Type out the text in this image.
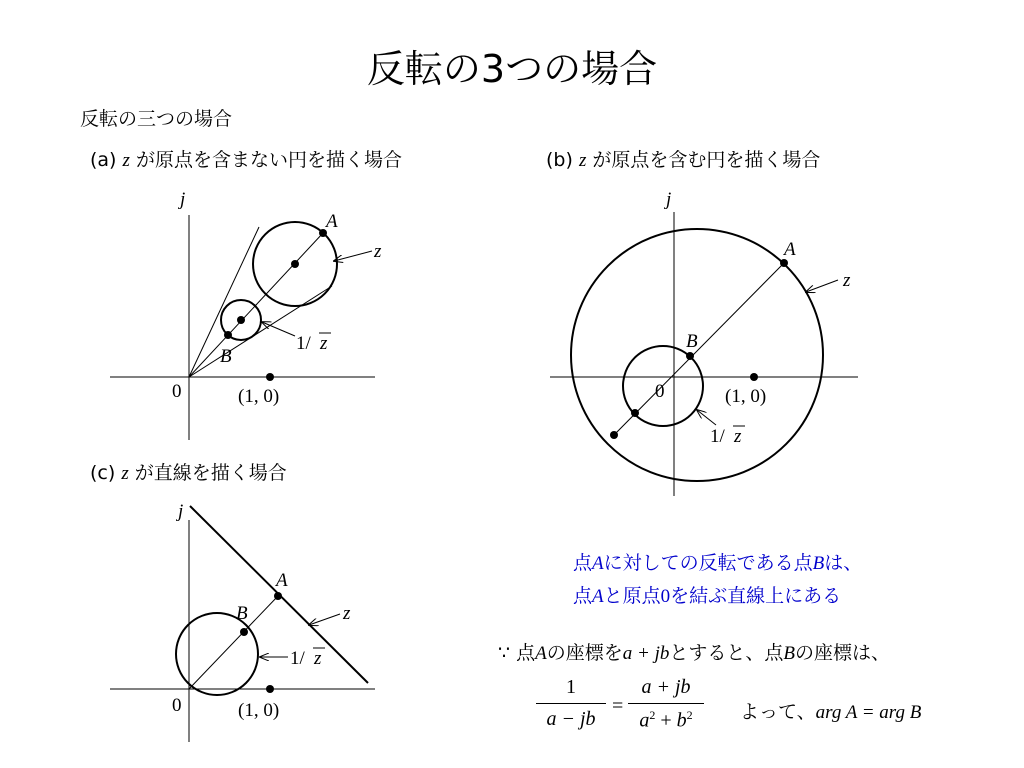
反転の3つの場合
反転の三つの場合
(a) z が原点を含まない円を描く場合	(b) z が原点を含む円を描く場合
(c) z が直線を描く場合
j
A
z
B
1/ z
0	(1, 0)
j
A
z
B
0	(1, 0)
1/ z
j
A
z
B
1/ z
0	(1, 0)
点Aに対しての反転である点Bは、
点Aと原点0を結ぶ直線上にある
∵ 点Aの座標をa + jbとすると、点Bの座標は、
1
a − jb
=
a + jb
$a^2 + b^2$	よって、arg A = arg B
